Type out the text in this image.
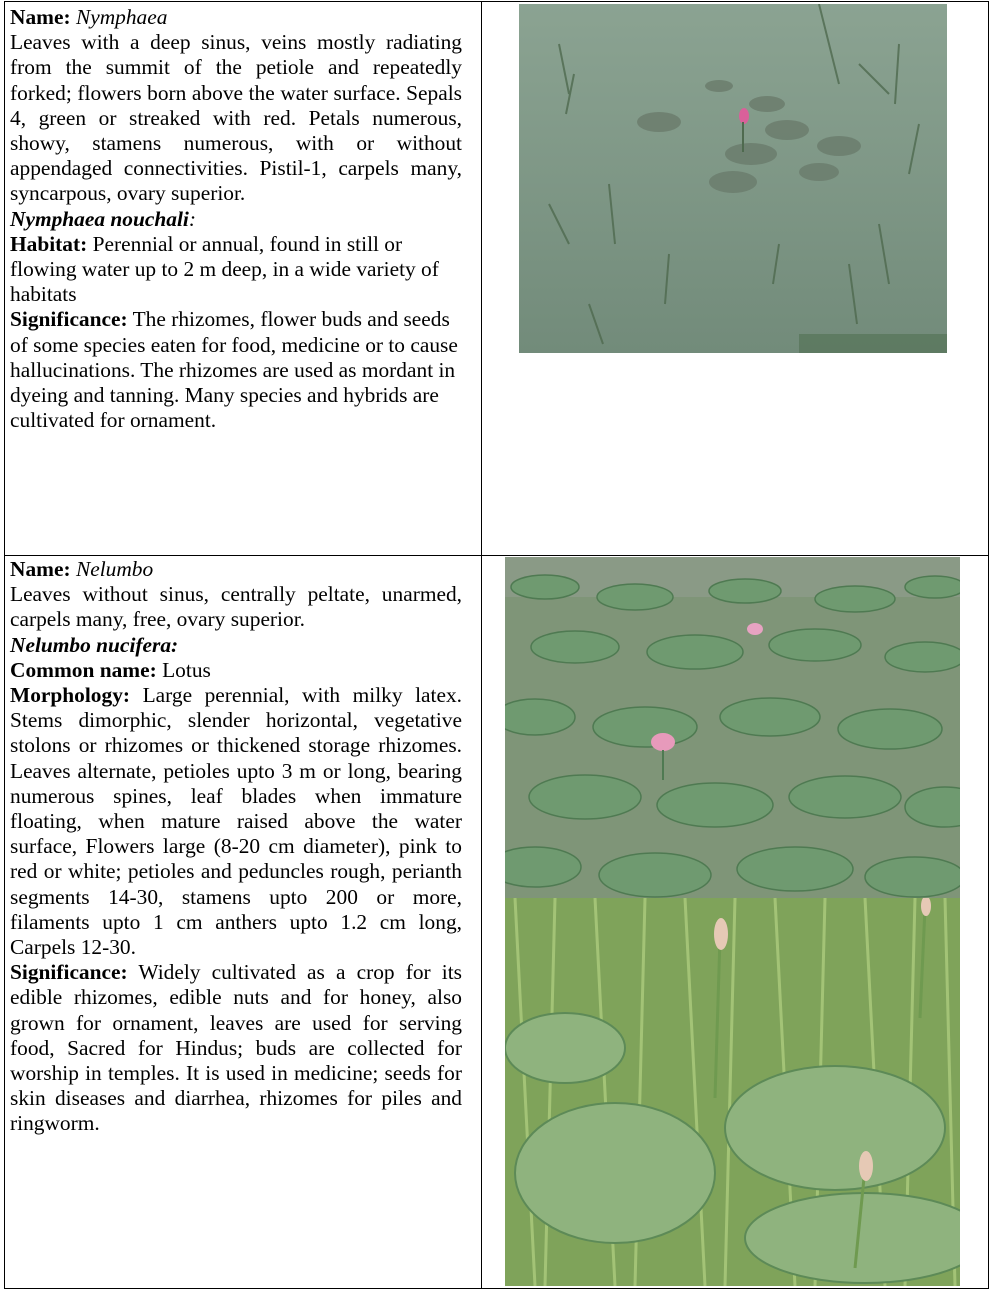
Name: Nymphaea

Leaves with a deep sinus, veins mostly radiating from the summit of the petiole and repeatedly forked; flowers born above the water surface. Sepals 4, green or streaked with red. Petals numerous, showy, stamens numerous, with or without appendaged connectivities. Pistil-1, carpels many, syncarpous, ovary superior.

Nymphaea nouchali:

Habitat: Perennial or annual, found in still or flowing water up to 2 m deep, in a wide variety of habitats

Significance: The rhizomes, flower buds and seeds of some species eaten for food, medicine or to cause hallucinations. The rhizomes are used as mordant in dyeing and tanning. Many species and hybrids are cultivated for ornament.

Name: Nelumbo

Leaves without sinus, centrally peltate, unarmed, carpels many, free, ovary superior.

Nelumbo nucifera:

Common name: Lotus

Morphology: Large perennial, with milky latex. Stems dimorphic, slender horizontal, vegetative stolons or rhizomes or thickened storage rhizomes. Leaves alternate, petioles upto 3 m or long, bearing numerous spines, leaf blades when immature floating, when mature raised above the water surface, Flowers large (8-20 cm diameter), pink to red or white; petioles and peduncles rough, perianth segments 14-30, stamens upto 200 or more, filaments upto 1 cm anthers upto 1.2 cm long, Carpels 12-30.

Significance: Widely cultivated as a crop for its edible rhizomes, edible nuts and for honey, also grown for ornament, leaves are used for serving food, Sacred for Hindus; buds are collected for worship in temples. It is used in medicine; seeds for skin diseases and diarrhea, rhizomes for piles and ringworm.
